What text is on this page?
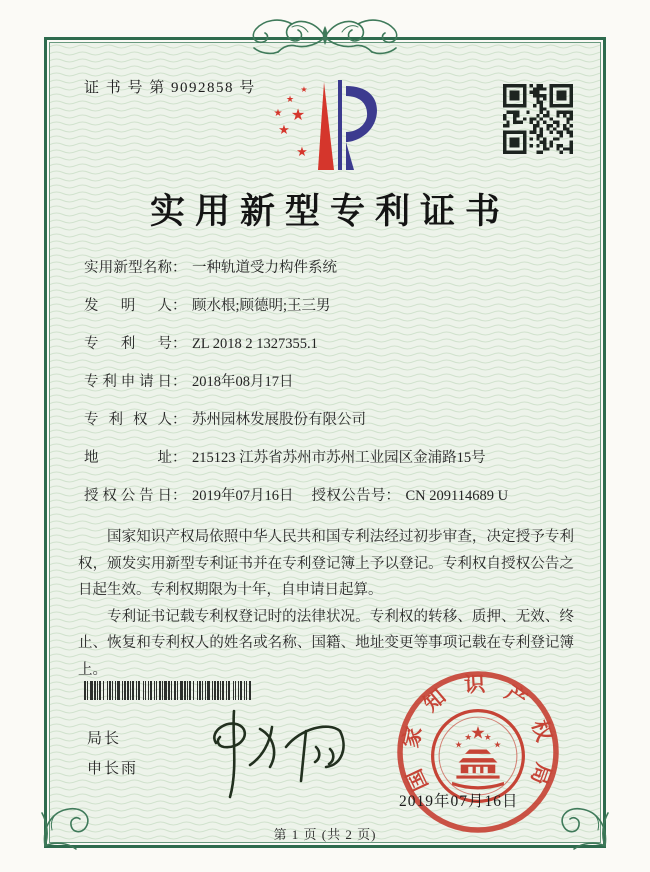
证 书 号 第 9092858 号
★
★
★
★
★
★
实用新型专利证书
实用新型名称 ： 一种轨道受力构件系统
发明人 ： 顾水根;顾德明;王三男
专利号 ： ZL 2018 2 1327355.1
专利申请日 ： 2018年08月17日
专利权人 ： 苏州园林发展股份有限公司
地址 ： 215123 江苏省苏州市苏州工业园区金浦路15号
授权公告日 ： 2019年07月16日 授权公告号 ： CN 209114689 U

国家知识产权局依照中华人民共和国专利法经过初步审查，决定授予专利权，颁发实用新型专利证书并在专利登记簿上予以登记。专利权自授权公告之日起生效。专利权期限为十年，自申请日起算。

专利证书记载专利权登记时的法律状况。专利权的转移、质押、无效、终止、恢复和专利权人的姓名或名称、国籍、地址变更等事项记载在专利登记簿上。

局长
申长雨	国家知识产权局
★
★
★ ★
★
2019年07月16日
第 1 页 (共 2 页)
